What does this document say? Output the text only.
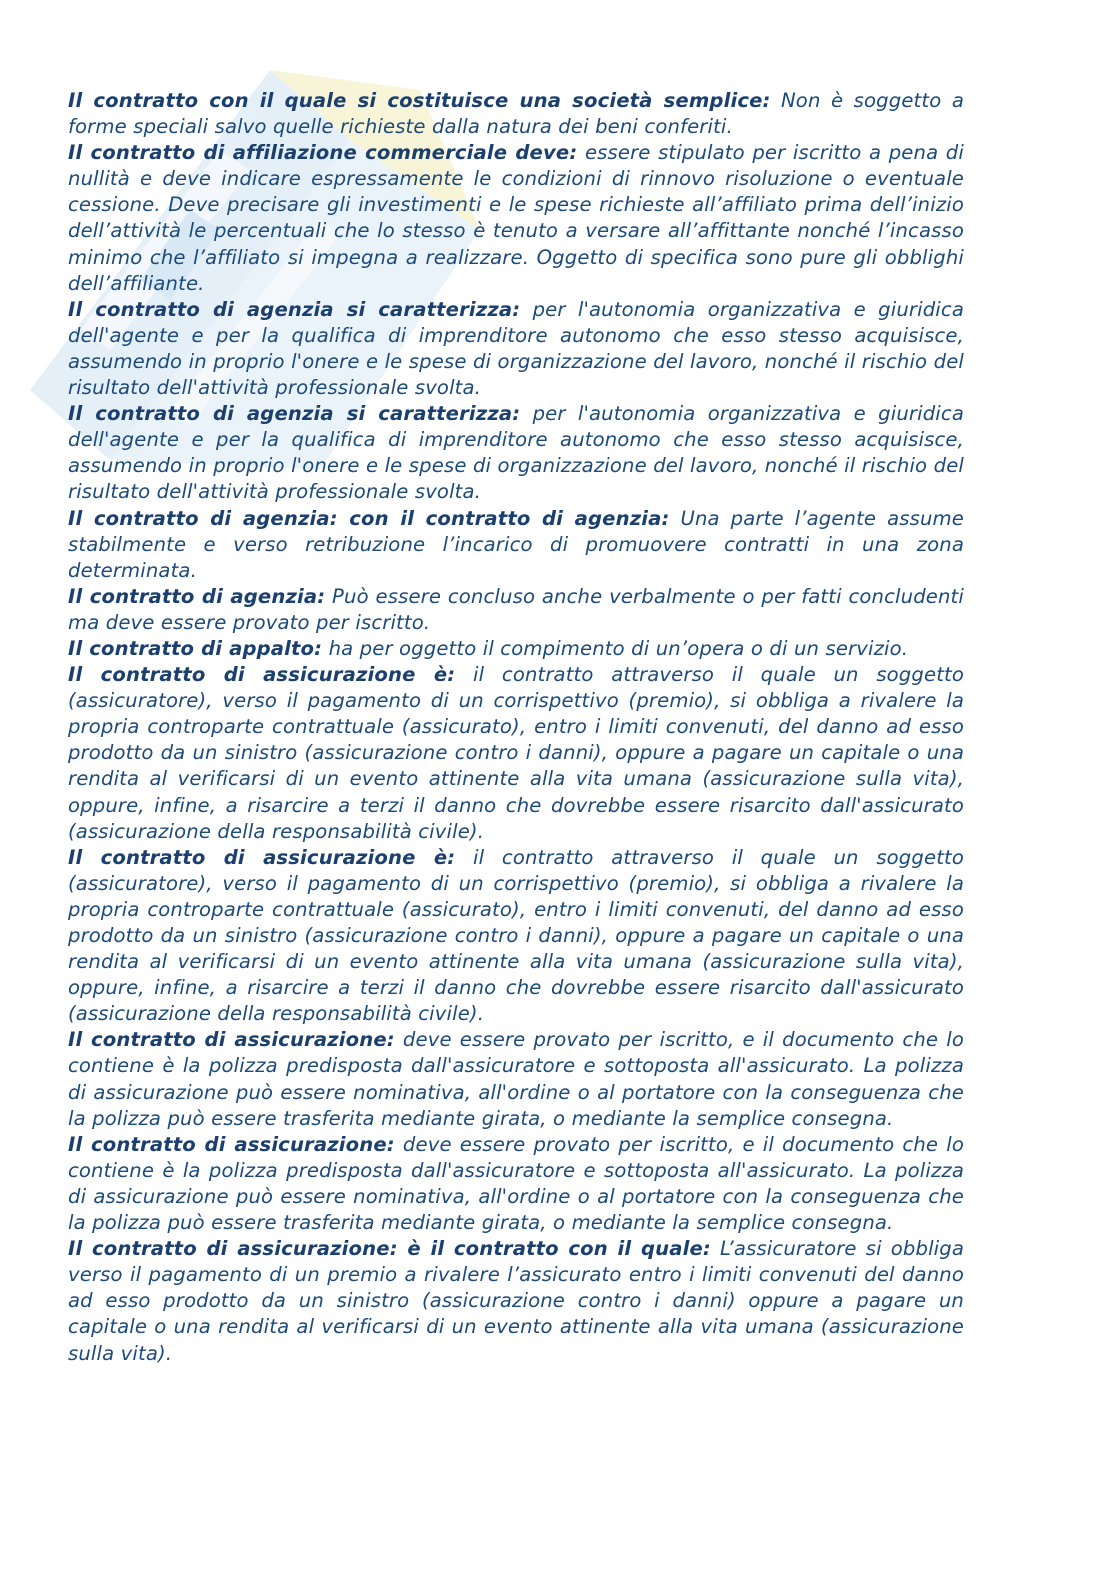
Il contratto con il quale si costituisce una società semplice: Non è soggetto a forme speciali salvo quelle richieste dalla natura dei beni conferiti.

Il contratto di affiliazione commerciale deve: essere stipulato per iscritto a pena di nullità e deve indicare espressamente le condizioni di rinnovo risoluzione o eventuale cessione. Deve precisare gli investimenti e le spese richieste all’affiliato prima dell’inizio dell’attività le percentuali che lo stesso è tenuto a versare all’affittante nonché l’incasso minimo che l’affiliato si impegna a realizzare. Oggetto di specifica sono pure gli obblighi dell’affiliante.

Il contratto di agenzia si caratterizza: per l'autonomia organizzativa e giuridica dell'agente e per la qualifica di imprenditore autonomo che esso stesso acquisisce, assumendo in proprio l'onere e le spese di organizzazione del lavoro, nonché il rischio del risultato dell'attività professionale svolta.

Il contratto di agenzia si caratterizza: per l'autonomia organizzativa e giuridica dell'agente e per la qualifica di imprenditore autonomo che esso stesso acquisisce, assumendo in proprio l'onere e le spese di organizzazione del lavoro, nonché il rischio del risultato dell'attività professionale svolta.

Il contratto di agenzia: con il contratto di agenzia: Una parte l’agente assume stabilmente e verso retribuzione l’incarico di promuovere contratti in una zona determinata.

Il contratto di agenzia: Può essere concluso anche verbalmente o per fatti concludenti ma deve essere provato per iscritto.

Il contratto di appalto: ha per oggetto il compimento di un’opera o di un servizio.

Il contratto di assicurazione è: il contratto attraverso il quale un soggetto (assicuratore), verso il pagamento di un corrispettivo (premio), si obbliga a rivalere la propria controparte contrattuale (assicurato), entro i limiti convenuti, del danno ad esso prodotto da un sinistro (assicurazione contro i danni), oppure a pagare un capitale o una rendita al verificarsi di un evento attinente alla vita umana (assicurazione sulla vita), oppure, infine, a risarcire a terzi il danno che dovrebbe essere risarcito dall'assicurato (assicurazione della responsabilità civile).

Il contratto di assicurazione è: il contratto attraverso il quale un soggetto (assicuratore), verso il pagamento di un corrispettivo (premio), si obbliga a rivalere la propria controparte contrattuale (assicurato), entro i limiti convenuti, del danno ad esso prodotto da un sinistro (assicurazione contro i danni), oppure a pagare un capitale o una rendita al verificarsi di un evento attinente alla vita umana (assicurazione sulla vita), oppure, infine, a risarcire a terzi il danno che dovrebbe essere risarcito dall'assicurato (assicurazione della responsabilità civile).

Il contratto di assicurazione: deve essere provato per iscritto, e il documento che lo contiene è la polizza predisposta dall'assicuratore e sottoposta all'assicurato. La polizza di assicurazione può essere nominativa, all'ordine o al portatore con la conseguenza che la polizza può essere trasferita mediante girata, o mediante la semplice consegna.

Il contratto di assicurazione: deve essere provato per iscritto, e il documento che lo contiene è la polizza predisposta dall'assicuratore e sottoposta all'assicurato. La polizza di assicurazione può essere nominativa, all'ordine o al portatore con la conseguenza che la polizza può essere trasferita mediante girata, o mediante la semplice consegna.

Il contratto di assicurazione: è il contratto con il quale: L’assicuratore si obbliga verso il pagamento di un premio a rivalere l’assicurato entro i limiti convenuti del danno ad esso prodotto da un sinistro (assicurazione contro i danni) oppure a pagare un capitale o una rendita al verificarsi di un evento attinente alla vita umana (assicurazione sulla vita).
